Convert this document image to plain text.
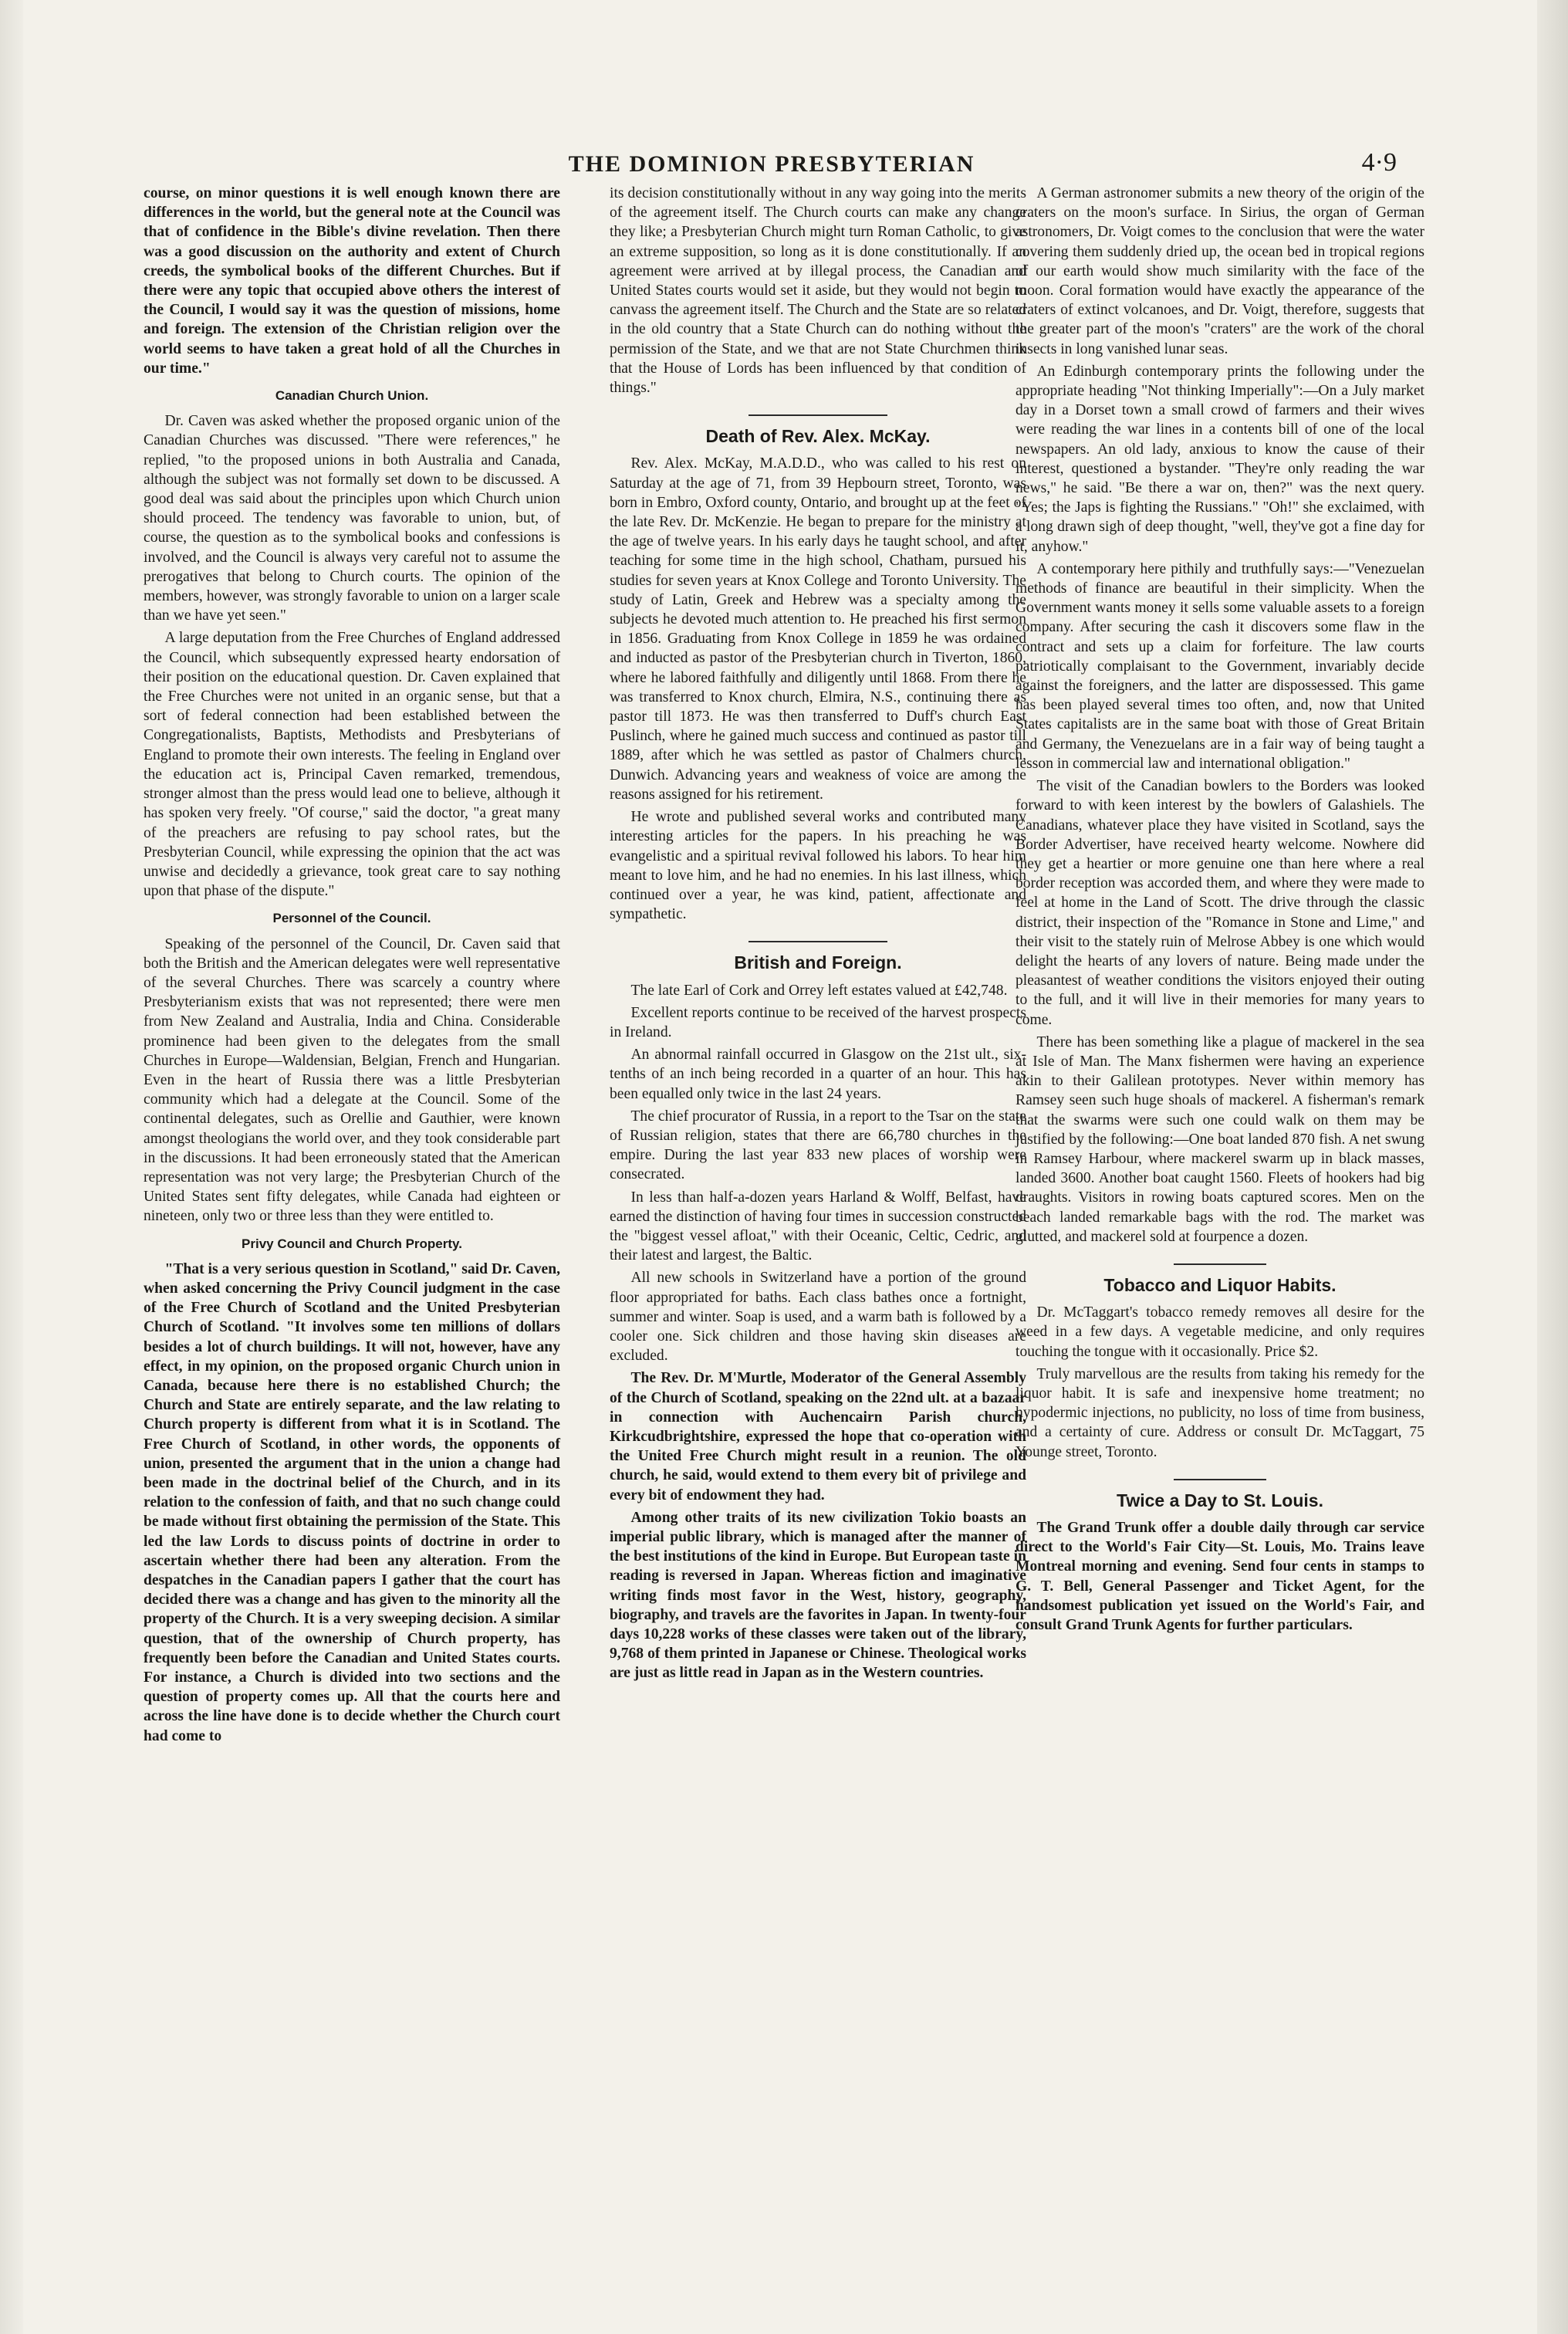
THE DOMINION PRESBYTERIAN	4·9

course, on minor questions it is well enough known there are differences in the world, but the general note at the Council was that of confidence in the Bible's divine revelation. Then there was a good discussion on the authority and extent of Church creeds, the symbolical books of the different Churches. But if there were any topic that occupied above others the interest of the Council, I would say it was the question of missions, home and foreign. The extension of the Christian religion over the world seems to have taken a great hold of all the Churches in our time."

Canadian Church Union.

Dr. Caven was asked whether the proposed organic union of the Canadian Churches was discussed. "There were references," he replied, "to the proposed unions in both Australia and Canada, although the subject was not formally set down to be discussed. A good deal was said about the principles upon which Church union should proceed. The tendency was favorable to union, but, of course, the question as to the symbolical books and confessions is involved, and the Council is always very careful not to assume the prerogatives that belong to Church courts. The opinion of the members, however, was strongly favorable to union on a larger scale than we have yet seen."

A large deputation from the Free Churches of England addressed the Council, which subsequently expressed hearty endorsation of their position on the educational question. Dr. Caven explained that the Free Churches were not united in an organic sense, but that a sort of federal connection had been established between the Congregationalists, Baptists, Methodists and Presbyterians of England to promote their own interests. The feeling in England over the education act is, Principal Caven remarked, tremendous, stronger almost than the press would lead one to believe, although it has spoken very freely. "Of course," said the doctor, "a great many of the preachers are refusing to pay school rates, but the Presbyterian Council, while expressing the opinion that the act was unwise and decidedly a grievance, took great care to say nothing upon that phase of the dispute."

Personnel of the Council.

Speaking of the personnel of the Council, Dr. Caven said that both the British and the American delegates were well representative of the several Churches. There was scarcely a country where Presbyterianism exists that was not represented; there were men from New Zealand and Australia, India and China. Considerable prominence had been given to the delegates from the small Churches in Europe—Waldensian, Belgian, French and Hungarian. Even in the heart of Russia there was a little Presbyterian community which had a delegate at the Council. Some of the continental delegates, such as Orellie and Gauthier, were known amongst theologians the world over, and they took considerable part in the discussions. It had been erroneously stated that the American representation was not very large; the Presbyterian Church of the United States sent fifty delegates, while Canada had eighteen or nineteen, only two or three less than they were entitled to.

Privy Council and Church Property.

"That is a very serious question in Scotland," said Dr. Caven, when asked concerning the Privy Council judgment in the case of the Free Church of Scotland and the United Presbyterian Church of Scotland. "It involves some ten millions of dollars besides a lot of church buildings. It will not, however, have any effect, in my opinion, on the proposed organic Church union in Canada, because here there is no established Church; the Church and State are entirely separate, and the law relating to Church property is different from what it is in Scotland. The Free Church of Scotland, in other words, the opponents of union, presented the argument that in the union a change had been made in the doctrinal belief of the Church, and in its relation to the confession of faith, and that no such change could be made without first obtaining the permission of the State. This led the law Lords to discuss points of doctrine in order to ascertain whether there had been any alteration. From the despatches in the Canadian papers I gather that the court has decided there was a change and has given to the minority all the property of the Church. It is a very sweeping decision. A similar question, that of the ownership of Church property, has frequently been before the Canadian and United States courts. For instance, a Church is divided into two sections and the question of property comes up. All that the courts here and across the line have done is to decide whether the Church court had come to

its decision constitutionally without in any way going into the merits of the agreement itself. The Church courts can make any change they like; a Presbyterian Church might turn Roman Catholic, to give an extreme supposition, so long as it is done constitutionally. If an agreement were arrived at by illegal process, the Canadian and United States courts would set it aside, but they would not begin to canvass the agreement itself. The Church and the State are so related in the old country that a State Church can do nothing without the permission of the State, and we that are not State Churchmen think that the House of Lords has been influenced by that condition of things."

Death of Rev. Alex. McKay.

Rev. Alex. McKay, M.A.D.D., who was called to his rest on Saturday at the age of 71, from 39 Hepbourn street, Toronto, was born in Embro, Oxford county, Ontario, and brought up at the feet of the late Rev. Dr. McKenzie. He began to prepare for the ministry at the age of twelve years. In his early days he taught school, and after teaching for some time in the high school, Chatham, pursued his studies for seven years at Knox College and Toronto University. The study of Latin, Greek and Hebrew was a specialty among the subjects he devoted much attention to. He preached his first sermon in 1856. Graduating from Knox College in 1859 he was ordained and inducted as pastor of the Presbyterian church in Tiverton, 1860, where he labored faithfully and diligently until 1868. From there he was transferred to Knox church, Elmira, N.S., continuing there as pastor till 1873. He was then transferred to Duff's church East Puslinch, where he gained much success and continued as pastor till 1889, after which he was settled as pastor of Chalmers church, Dunwich. Advancing years and weakness of voice are among the reasons assigned for his retirement.

He wrote and published several works and contributed many interesting articles for the papers. In his preaching he was evangelistic and a spiritual revival followed his labors. To hear him meant to love him, and he had no enemies. In his last illness, which continued over a year, he was kind, patient, affectionate and sympathetic.

British and Foreign.

The late Earl of Cork and Orrey left estates valued at £42,748.

Excellent reports continue to be received of the harvest prospects in Ireland.

An abnormal rainfall occurred in Glasgow on the 21st ult., six-tenths of an inch being recorded in a quarter of an hour. This has been equalled only twice in the last 24 years.

The chief procurator of Russia, in a report to the Tsar on the state of Russian religion, states that there are 66,780 churches in the empire. During the last year 833 new places of worship were consecrated.

In less than half-a-dozen years Harland & Wolff, Belfast, have earned the distinction of having four times in succession constructed the "biggest vessel afloat," with their Oceanic, Celtic, Cedric, and their latest and largest, the Baltic.

All new schools in Switzerland have a portion of the ground floor appropriated for baths. Each class bathes once a fortnight, summer and winter. Soap is used, and a warm bath is followed by a cooler one. Sick children and those having skin diseases are excluded.

The Rev. Dr. M'Murtle, Moderator of the General Assembly of the Church of Scotland, speaking on the 22nd ult. at a bazaar in connection with Auchencairn Parish church, Kirkcudbrightshire, expressed the hope that co-operation with the United Free Church might result in a reunion. The old church, he said, would extend to them every bit of privilege and every bit of endowment they had.

Among other traits of its new civilization Tokio boasts an imperial public library, which is managed after the manner of the best institutions of the kind in Europe. But European taste in reading is reversed in Japan. Whereas fiction and imaginative writing finds most favor in the West, history, geography, biography, and travels are the favorites in Japan. In twenty-four days 10,228 works of these classes were taken out of the library, 9,768 of them printed in Japanese or Chinese. Theological works are just as little read in Japan as in the Western countries.

A German astronomer submits a new theory of the origin of the craters on the moon's surface. In Sirius, the organ of German astronomers, Dr. Voigt comes to the conclusion that were the water covering them suddenly dried up, the ocean bed in tropical regions of our earth would show much similarity with the face of the moon. Coral formation would have exactly the appearance of the craters of extinct volcanoes, and Dr. Voigt, therefore, suggests that the greater part of the moon's "craters" are the work of the choral insects in long vanished lunar seas.

An Edinburgh contemporary prints the following under the appropriate heading "Not thinking Imperially":—On a July market day in a Dorset town a small crowd of farmers and their wives were reading the war lines in a contents bill of one of the local newspapers. An old lady, anxious to know the cause of their interest, questioned a bystander. "They're only reading the war news," he said. "Be there a war on, then?" was the next query. "Yes; the Japs is fighting the Russians." "Oh!" she exclaimed, with a long drawn sigh of deep thought, "well, they've got a fine day for it, anyhow."

A contemporary here pithily and truthfully says:—"Venezuelan methods of finance are beautiful in their simplicity. When the Government wants money it sells some valuable assets to a foreign company. After securing the cash it discovers some flaw in the contract and sets up a claim for forfeiture. The law courts patriotically complaisant to the Government, invariably decide against the foreigners, and the latter are dispossessed. This game has been played several times too often, and, now that United States capitalists are in the same boat with those of Great Britain and Germany, the Venezuelans are in a fair way of being taught a lesson in commercial law and international obligation."

The visit of the Canadian bowlers to the Borders was looked forward to with keen interest by the bowlers of Galashiels. The Canadians, whatever place they have visited in Scotland, says the Border Advertiser, have received hearty welcome. Nowhere did they get a heartier or more genuine one than here where a real border reception was accorded them, and where they were made to feel at home in the Land of Scott. The drive through the classic district, their inspection of the "Romance in Stone and Lime," and their visit to the stately ruin of Melrose Abbey is one which would delight the hearts of any lovers of nature. Being made under the pleasantest of weather conditions the visitors enjoyed their outing to the full, and it will live in their memories for many years to come.

There has been something like a plague of mackerel in the sea at Isle of Man. The Manx fishermen were having an experience akin to their Galilean prototypes. Never within memory has Ramsey seen such huge shoals of mackerel. A fisherman's remark that the swarms were such one could walk on them may be justified by the following:—One boat landed 870 fish. A net swung in Ramsey Harbour, where mackerel swarm up in black masses, landed 3600. Another boat caught 1560. Fleets of hookers had big draughts. Visitors in rowing boats captured scores. Men on the beach landed remarkable bags with the rod. The market was glutted, and mackerel sold at fourpence a dozen.

Tobacco and Liquor Habits.

Dr. McTaggart's tobacco remedy removes all desire for the weed in a few days. A vegetable medicine, and only requires touching the tongue with it occasionally. Price $2.

Truly marvellous are the results from taking his remedy for the liquor habit. It is safe and inexpensive home treatment; no hypodermic injections, no publicity, no loss of time from business, and a certainty of cure. Address or consult Dr. McTaggart, 75 Younge street, Toronto.

Twice a Day to St. Louis.

The Grand Trunk offer a double daily through car service direct to the World's Fair City—St. Louis, Mo. Trains leave Montreal morning and evening. Send four cents in stamps to G. T. Bell, General Passenger and Ticket Agent, for the handsomest publication yet issued on the World's Fair, and consult Grand Trunk Agents for further particulars.
